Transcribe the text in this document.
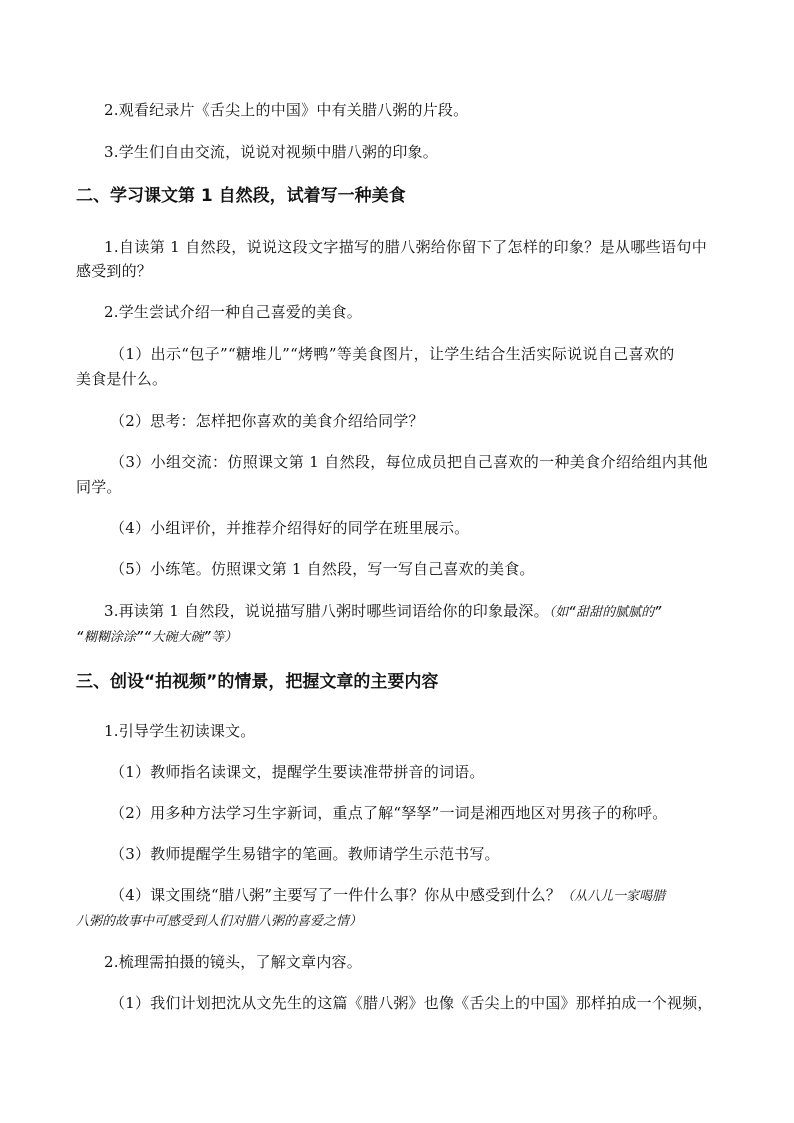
2.观看纪录片《舌尖上的中国》中有关腊八粥的片段。
3.学生们自由交流，说说对视频中腊八粥的印象。
二、学习课文第 1 自然段，试着写一种美食
1.自读第 1 自然段，说说这段文字描写的腊八粥给你留下了怎样的印象？是从哪些语句中
感受到的？
2.学生尝试介绍一种自己喜爱的美食。
（1）出示“包子”“糖堆儿”“烤鸭”等美食图片，让学生结合生活实际说说自己喜欢的
美食是什么。
（2）思考：怎样把你喜欢的美食介绍给同学？
（3）小组交流：仿照课文第 1 自然段，每位成员把自己喜欢的一种美食介绍给组内其他
同学。
（4）小组评价，并推荐介绍得好的同学在班里展示。
（5）小练笔。仿照课文第 1 自然段，写一写自己喜欢的美食。
3.再读第 1 自然段，说说描写腊八粥时哪些词语给你的印象最深。（如“甜甜的腻腻的”
“糊糊涂涂”“大碗大碗”等）
三、创设“拍视频”的情景，把握文章的主要内容
1.引导学生初读课文。
（1）教师指名读课文，提醒学生要读准带拼音的词语。
（2）用多种方法学习生字新词，重点了解“孥孥”一词是湘西地区对男孩子的称呼。
（3）教师提醒学生易错字的笔画。教师请学生示范书写。
（4）课文围绕“腊八粥”主要写了一件什么事？你从中感受到什么？（从八儿一家喝腊
八粥的故事中可感受到人们对腊八粥的喜爱之情）
2.梳理需拍摄的镜头，了解文章内容。
（1）我们计划把沈从文先生的这篇《腊八粥》也像《舌尖上的中国》那样拍成一个视频，
